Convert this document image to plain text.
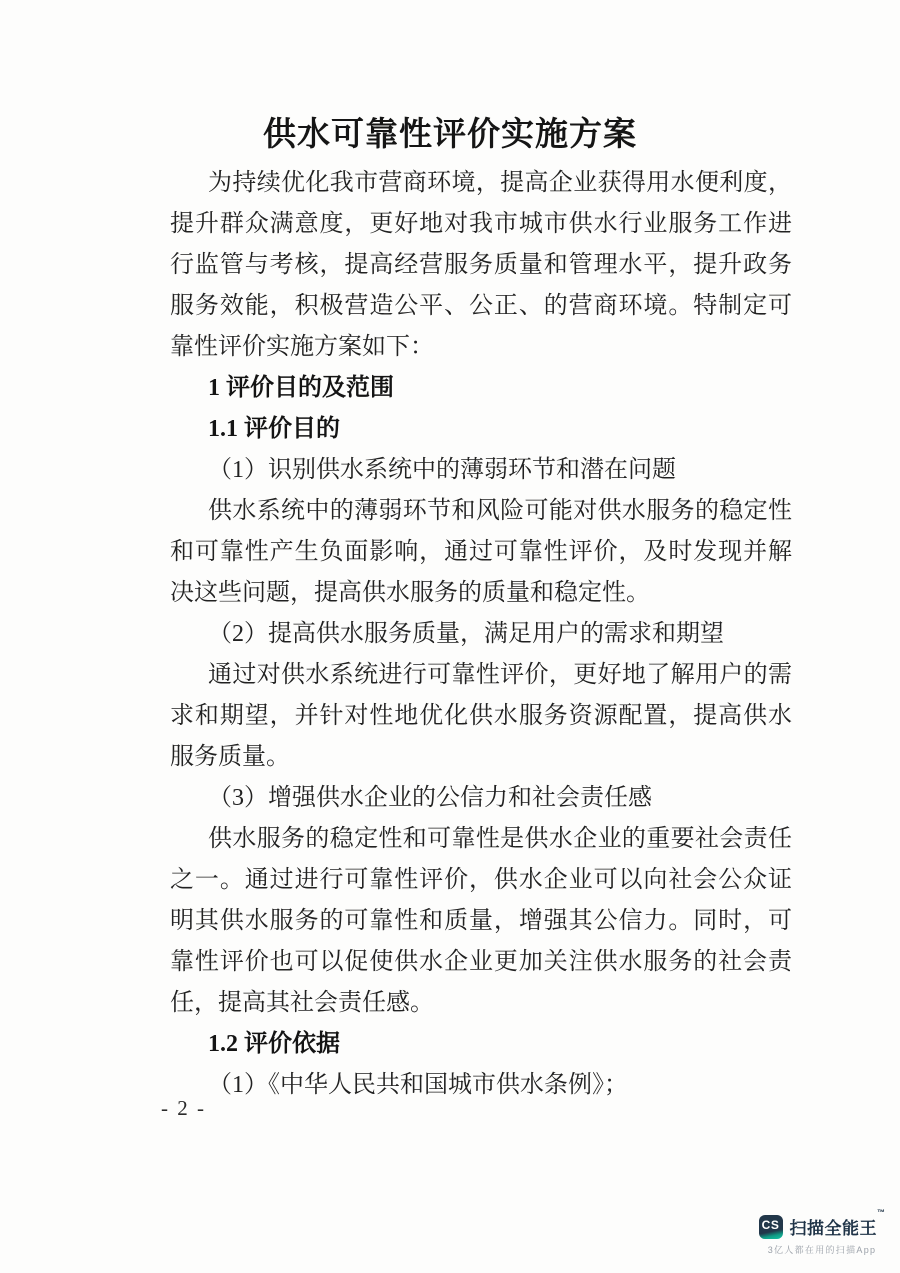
供水可靠性评价实施方案

为持续优化我市营商环境，提高企业获得用水便利度，提升群众满意度，更好地对我市城市供水行业服务工作进行监管与考核，提高经营服务质量和管理水平，提升政务服务效能，积极营造公平、公正、的营商环境。特制定可靠性评价实施方案如下：

1 评价目的及范围

1.1 评价目的

（1）识别供水系统中的薄弱环节和潜在问题

供水系统中的薄弱环节和风险可能对供水服务的稳定性和可靠性产生负面影响，通过可靠性评价，及时发现并解决这些问题，提高供水服务的质量和稳定性。

（2）提高供水服务质量，满足用户的需求和期望

通过对供水系统进行可靠性评价，更好地了解用户的需求和期望，并针对性地优化供水服务资源配置，提高供水服务质量。

（3）增强供水企业的公信力和社会责任感

供水服务的稳定性和可靠性是供水企业的重要社会责任之一。通过进行可靠性评价，供水企业可以向社会公众证明其供水服务的可靠性和质量，增强其公信力。同时，可靠性评价也可以促使供水企业更加关注供水服务的社会责任，提高其社会责任感。

1.2 评价依据

（1）《中华人民共和国城市供水条例》；

- 2 -
CS 扫描全能王™
3亿人都在用的扫描App
